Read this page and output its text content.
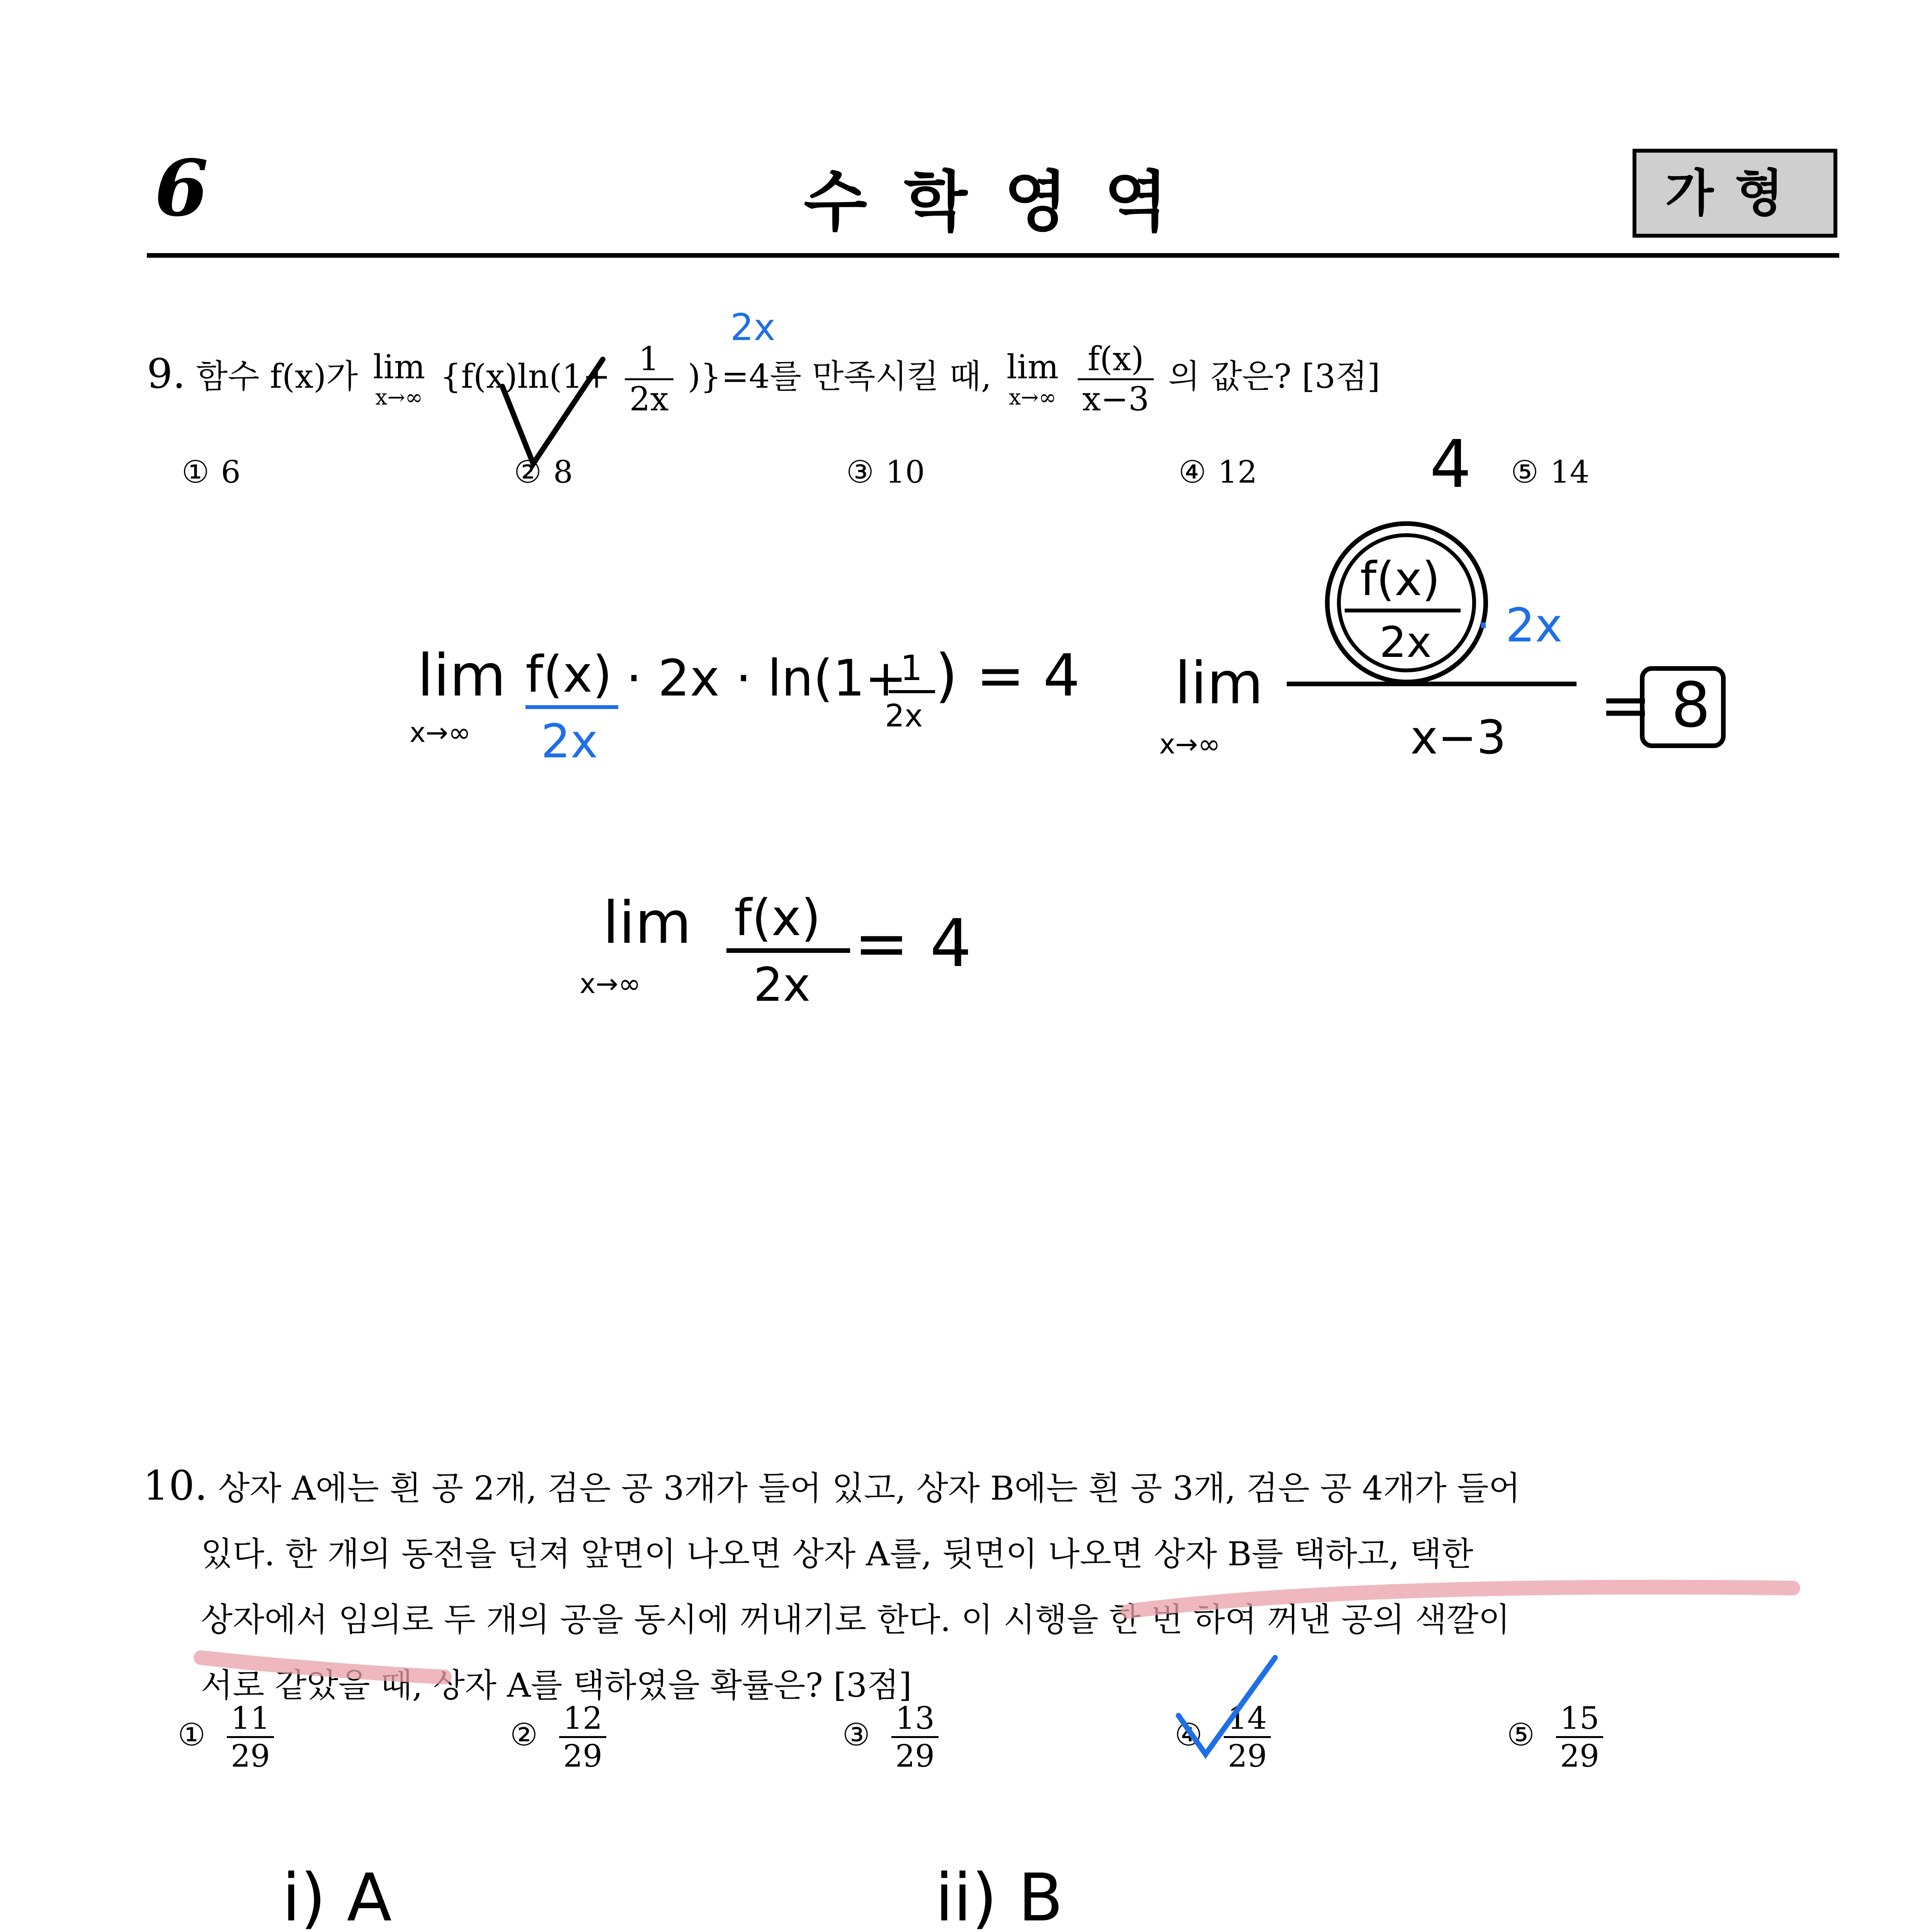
6	수학영역	가형
9. 함수 f(x)가 lim
x→∞
$\{f(x)\ln(1+ \frac{1}{2x} )\}=4$를 만족시킬 때, lim
x→∞
$\frac{f(x)}{x-3}$ 의 값은? [3점]
① 6	② 8	③ 10	④ 12	⑤ 14
10. 상자 A에는 흰 공 2개, 검은 공 3개가 들어 있고, 상자 B에는 흰 공 3개, 검은 공 4개가 들어
있다. 한 개의 동전을 던져 앞면이 나오면 상자 A를, 뒷면이 나오면 상자 B를 택하고, 택한
상자에서 임의로 두 개의 공을 동시에 꺼내기로 한다. 이 시행을 한 번 하여 꺼낸 공의 색깔이
서로 같았을 때, 상자 A를 택하였을 확률은? [3점]
① $\frac{11}{29}$	② $\frac{12}{29}$	③ $\frac{13}{29}$	④ $\frac{14}{29}$	⑤ $\frac{15}{29}$
2x
4
lim
x→∞
f(x)
2x
· 2x · ln(1+
1
2x
) = 4
lim
x→∞
f(x)
2x
= 4
lim
x→∞
f(x)
2x · 2x
x−3 = 8
i) A	ii) B
